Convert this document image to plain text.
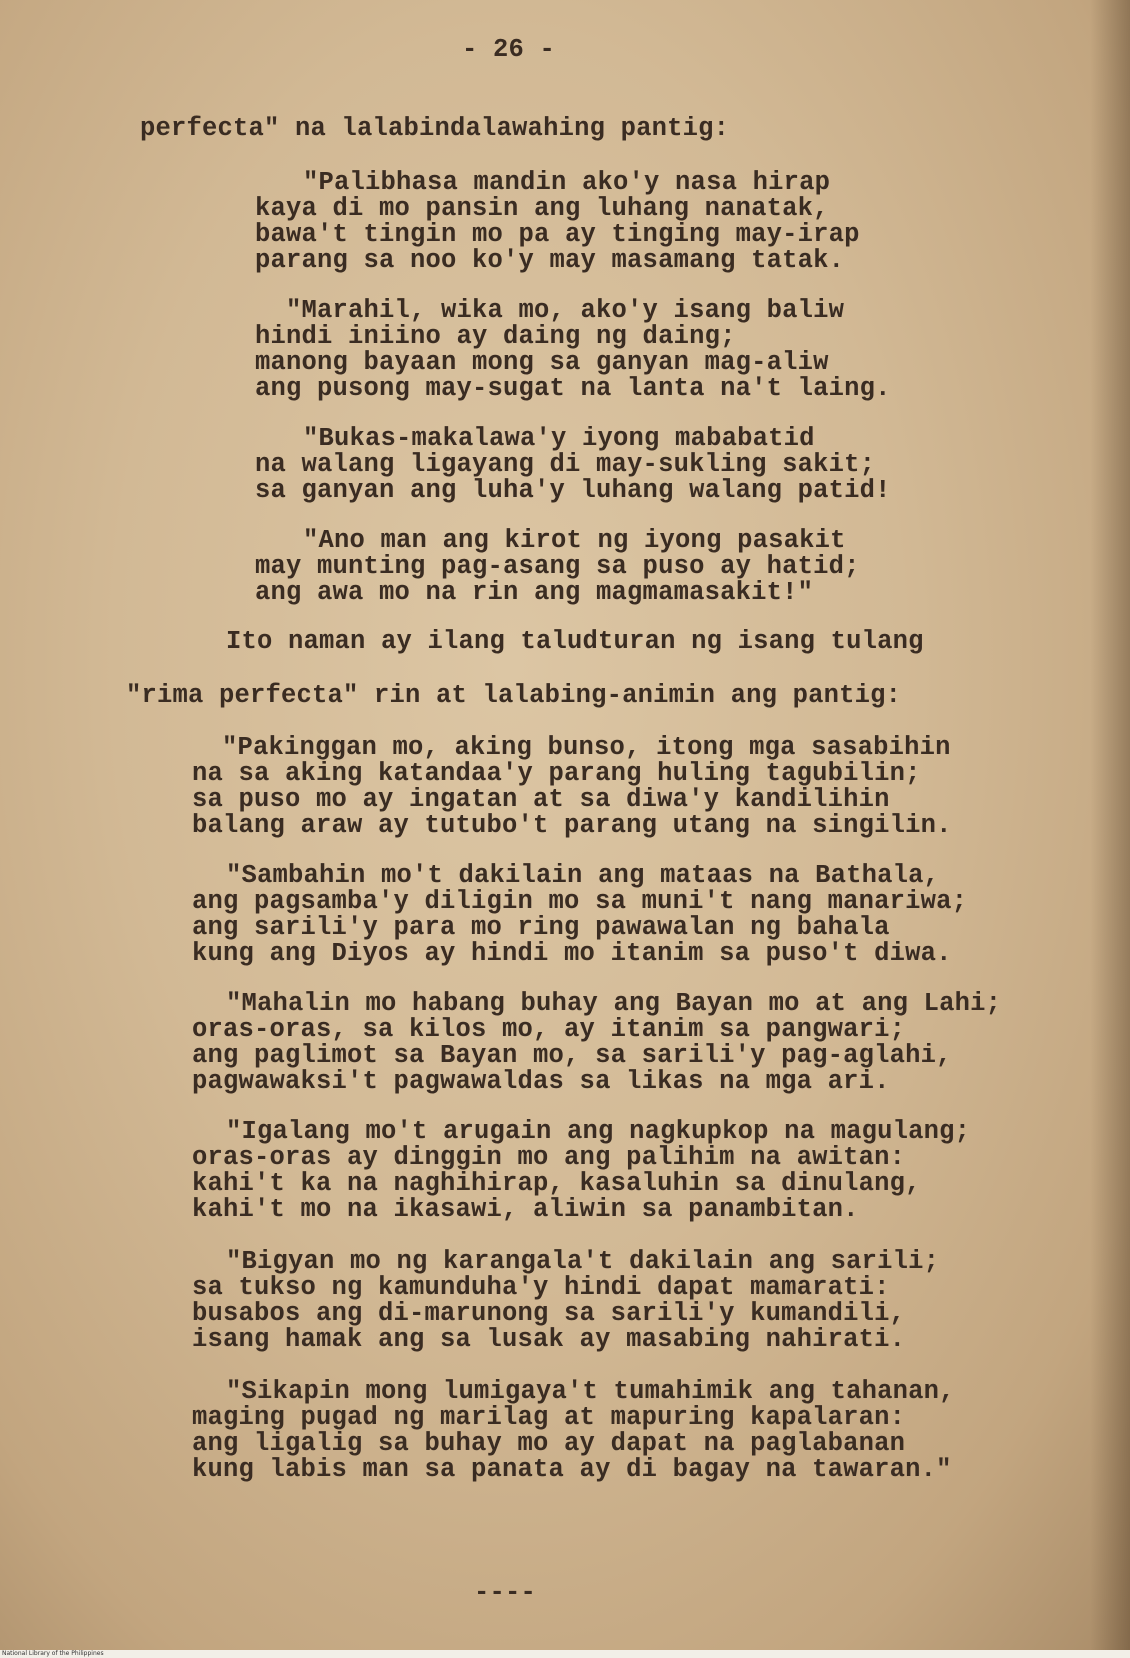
- 26 -
perfecta" na lalabindalawahing pantig:
"Palibhasa mandin ako'y nasa hirap
kaya di mo pansin ang luhang nanatak,
bawa't tingin mo pa ay tinging may-irap
parang sa noo ko'y may masamang tatak.
"Marahil, wika mo, ako'y isang baliw
hindi iniino ay daing ng daing;
manong bayaan mong sa ganyan mag-aliw
ang pusong may-sugat na lanta na't laing.
"Bukas-makalawa'y iyong mababatid
na walang ligayang di may-sukling sakit;
sa ganyan ang luha'y luhang walang patid!
"Ano man ang kirot ng iyong pasakit
may munting pag-asang sa puso ay hatid;
ang awa mo na rin ang magmamasakit!"
Ito naman ay ilang taludturan ng isang tulang
"rima perfecta" rin at lalabing-animin ang pantig:
"Pakinggan mo, aking bunso, itong mga sasabihin
na sa aking katandaa'y parang huling tagubilin;
sa puso mo ay ingatan at sa diwa'y kandilihin
balang araw ay tutubo't parang utang na singilin.
"Sambahin mo't dakilain ang mataas na Bathala,
ang pagsamba'y diligin mo sa muni't nang manariwa;
ang sarili'y para mo ring pawawalan ng bahala
kung ang Diyos ay hindi mo itanim sa puso't diwa.
"Mahalin mo habang buhay ang Bayan mo at ang Lahi;
oras-oras, sa kilos mo, ay itanim sa pangwari;
ang paglimot sa Bayan mo, sa sarili'y pag-aglahi,
pagwawaksi't pagwawaldas sa likas na mga ari.
"Igalang mo't arugain ang nagkupkop na magulang;
oras-oras ay dinggin mo ang palihim na awitan:
kahi't ka na naghihirap, kasaluhin sa dinulang,
kahi't mo na ikasawi, aliwin sa panambitan.
"Bigyan mo ng karangala't dakilain ang sarili;
sa tukso ng kamunduha'y hindi dapat mamarati:
busabos ang di-marunong sa sarili'y kumandili,
isang hamak ang sa lusak ay masabing nahirati.
"Sikapin mong lumigaya't tumahimik ang tahanan,
maging pugad ng marilag at mapuring kapalaran:
ang ligalig sa buhay mo ay dapat na paglabanan
kung labis man sa panata ay di bagay na tawaran."
----
National Library of the Philippines
